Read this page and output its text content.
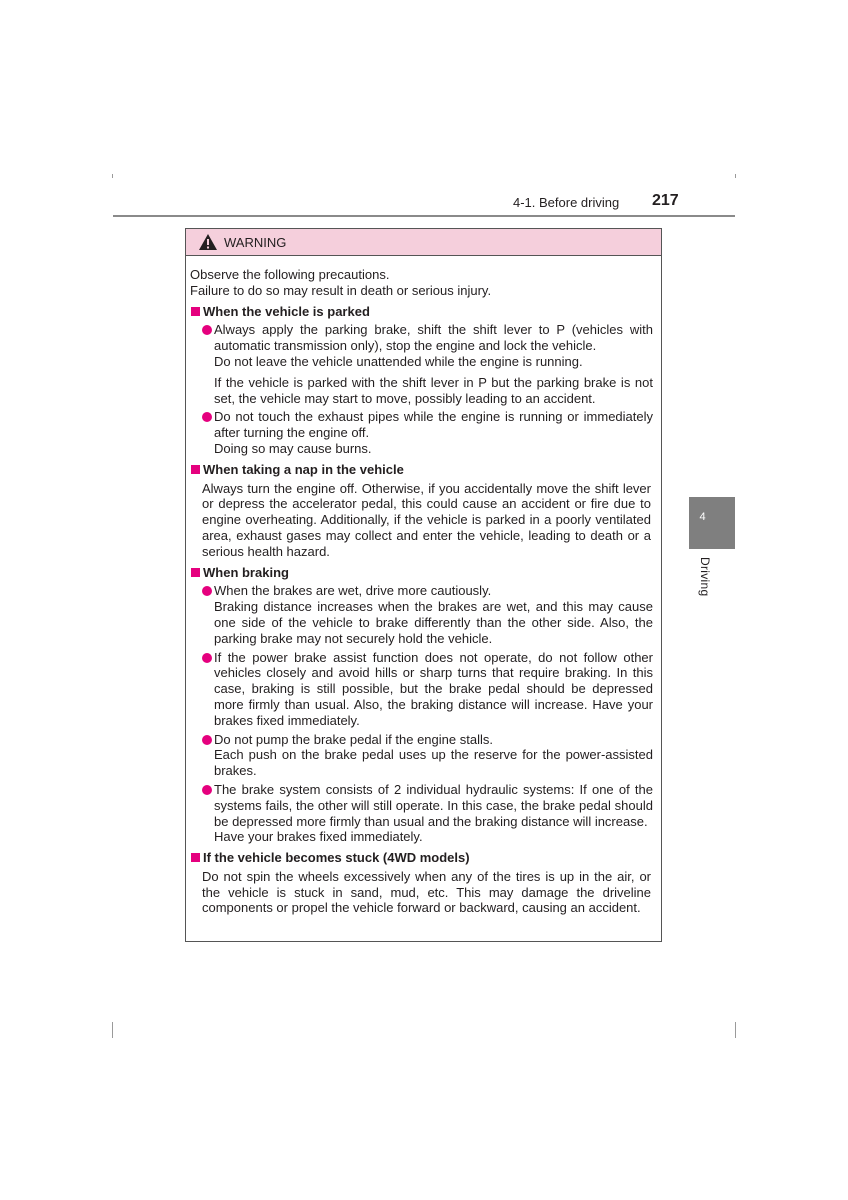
4-1. Before driving 217
4
Driving
WARNING

Observe the following precautions.

Failure to do so may result in death or serious injury.

When the vehicle is parked

Always apply the parking brake, shift the shift lever to P (vehicles with automatic transmission only), stop the engine and lock the vehicle.

Do not leave the vehicle unattended while the engine is running.

If the vehicle is parked with the shift lever in P but the parking brake is not set, the vehicle may start to move, possibly leading to an accident.

Do not touch the exhaust pipes while the engine is running or immediately after turning the engine off.

Doing so may cause burns.

When taking a nap in the vehicle

Always turn the engine off. Otherwise, if you accidentally move the shift lever or depress the accelerator pedal, this could cause an accident or fire due to engine overheating. Additionally, if the vehicle is parked in a poorly ventilated area, exhaust gases may collect and enter the vehicle, leading to death or a serious health hazard.

When braking

When the brakes are wet, drive more cautiously.

Braking distance increases when the brakes are wet, and this may cause one side of the vehicle to brake differently than the other side. Also, the parking brake may not securely hold the vehicle.

If the power brake assist function does not operate, do not follow other vehicles closely and avoid hills or sharp turns that require braking. In this case, braking is still possible, but the brake pedal should be depressed more firmly than usual. Also, the braking distance will increase. Have your brakes fixed immediately.

Do not pump the brake pedal if the engine stalls.

Each push on the brake pedal uses up the reserve for the power-assisted brakes.

The brake system consists of 2 individual hydraulic systems: If one of the systems fails, the other will still operate. In this case, the brake pedal should be depressed more firmly than usual and the braking distance will increase.

Have your brakes fixed immediately.

If the vehicle becomes stuck (4WD models)

Do not spin the wheels excessively when any of the tires is up in the air, or the vehicle is stuck in sand, mud, etc. This may damage the driveline components or propel the vehicle forward or backward, causing an accident.
